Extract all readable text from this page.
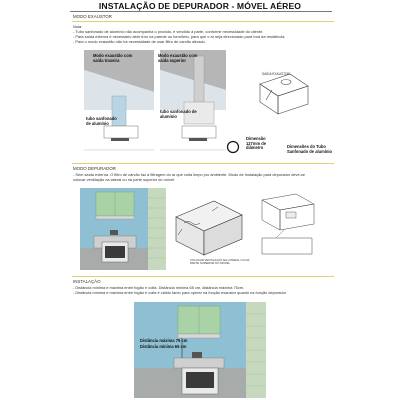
INSTALAÇÃO DE DEPURADOR - MÓVEL AÉREO
MODO EXAUSTOR
Nota:
- Tubo sanfonado de alumínio não acompanha o produto, é vendido a parte, conforme necessidade do cliente.
- Para saída externa é necessário abrir furo na parede ou forro/teto, para que o ar seja direcionado para fora da residência.
- Para o modo exaustão não há necessidade de usar filtro de carvão ativado.
Modo exaustão com saída traseira
tubo sanfonado de alumínio
Modo exaustão com saída superior
tubo sanfonado de alumínio
SAÍDA EXAUSTOR
Dimensão 127mm de diâmetro	Dimensões do Tubo Sanfonado de alumínio
MODO DEPURADOR
- Sem saída externa. O filtro de carvão faz a filtragem do ar que volta limpo pro ambiente. Modo de Instalação para depurador deve-se
colocar ventilação na lateral ou na parte superior do móvel.
COLOCAR VENTILAÇÃO NA LATERAL OU NA PARTE SUPERIOR DO MÓVEL
INSTALAÇÃO
- Distância mínima e máxima entre fogão e coifa. Distância mínima 65 cm, distância máxima 75cm.
- Distância mínima e máxima entre fogão e coifa é válido tanto para operar na função exaustor quanto na função depurador
Distância máxima 75 cm
Distância mínima 65 cm
